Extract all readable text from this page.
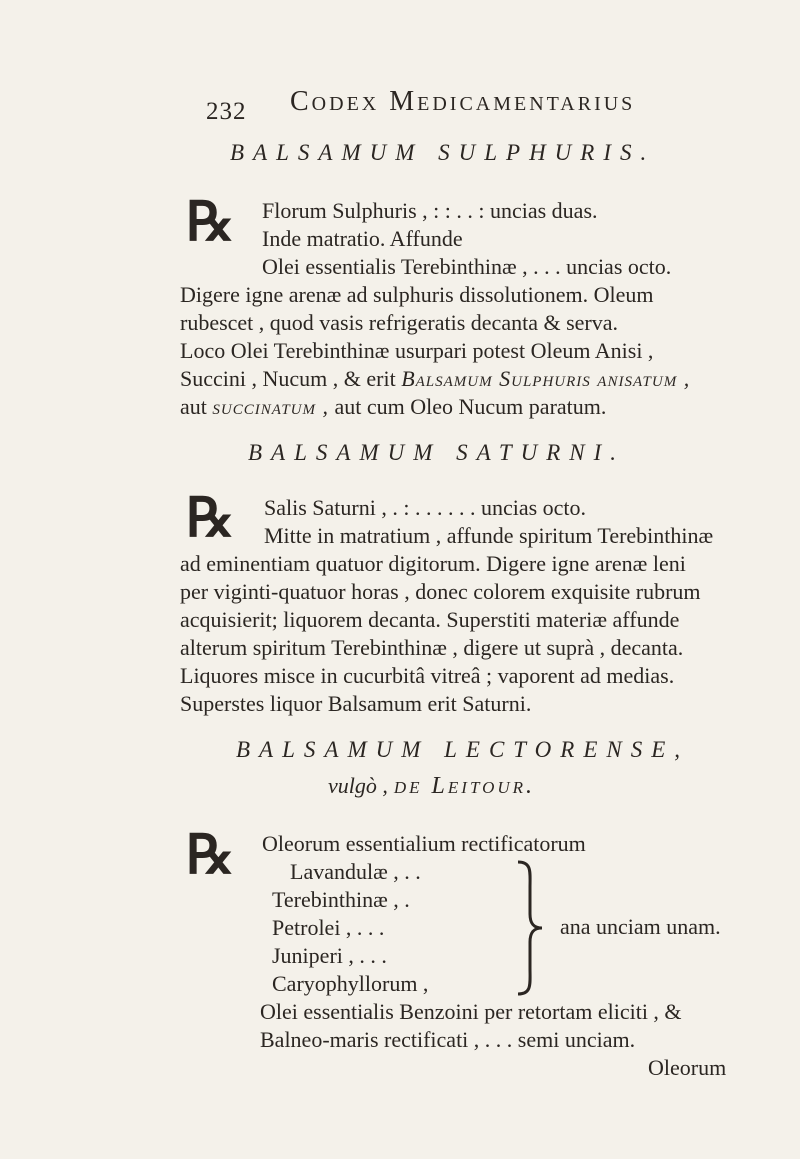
232 Codex Medicamentarius
BALSAMUM SULPHURIS.
℞ Florum Sulphuris , : : . . : uncias duas.
Inde matratio. Affunde
Olei essentialis Terebinthinæ , . . . uncias octo.
Digere igne arenæ ad sulphuris dissolutionem. Oleum
rubescet , quod vasis refrigeratis decanta & serva.
Loco Olei Terebinthinæ usurpari potest Oleum Anisi ,
Succini , Nucum , & erit Balsamum Sulphuris anisatum ,
aut succinatum , aut cum Oleo Nucum paratum.
BALSAMUM SATURNI.
℞ Salis Saturni , . : . . . . . . uncias octo.
Mitte in matratium , affunde spiritum Terebinthinæ
ad eminentiam quatuor digitorum. Digere igne arenæ leni
per viginti-quatuor horas , donec colorem exquisite rubrum
acquisierit; liquorem decanta. Superstiti materiæ affunde
alterum spiritum Terebinthinæ , digere ut suprà , decanta.
Liquores misce in cucurbitâ vitreâ ; vaporent ad medias.
Superstes liquor Balsamum erit Saturni.
BALSAMUM LECTORENSE,
vulgò , de Leitour.
℞ Oleorum essentialium rectificatorum
Lavandulæ , . .
Terebinthinæ , .
Petrolei , . . .
Juniperi , . . .
Caryophyllorum ,
ana unciam unam.
Olei essentialis Benzoini per retortam eliciti , &
Balneo-maris rectificati , . . . semi unciam.
Oleorum
